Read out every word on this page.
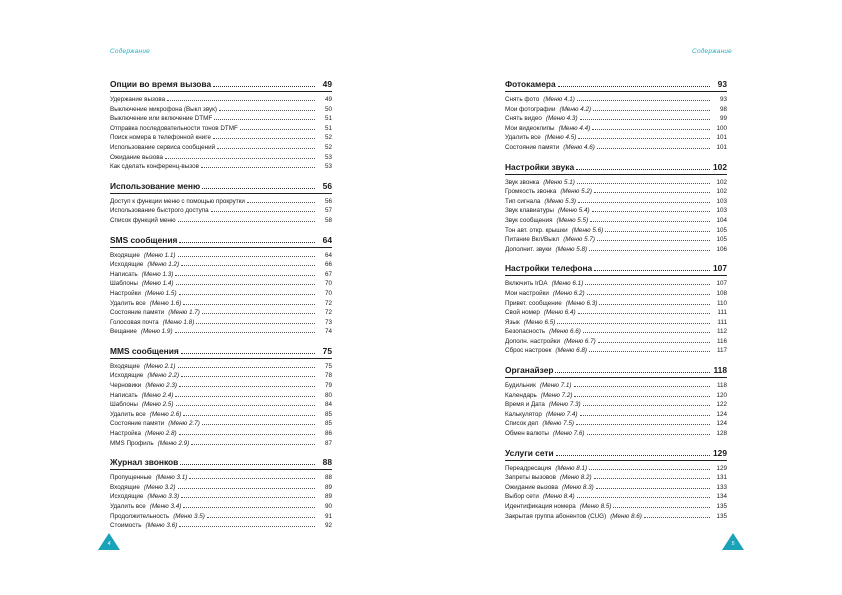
Содержание	Содержание
Опции во время вызова	49
Удержание вызова	49
Выключение микрофона (Выкл звук)	50
Выключение или включение DTMF	51
Отправка последовательности тонов DTMF	51
Поиск номера в телефонной книге	52
Использование сервиса сообщений	52
Ожидание вызова	53
Как сделать конференц-вызов	53
Использование меню	56
Доступ к функции меню с помощью прокрутки	56
Использование быстрого доступа	57
Список функций меню	58
SMS сообщения	64
Входящие (Меню 1.1)	64
Исходящие (Меню 1.2)	66
Написать (Меню 1.3)	67
Шаблоны (Меню 1.4)	70
Настройки (Меню 1.5)	70
Удалить все (Меню 1.6)	72
Состояние памяти (Меню 1.7)	72
Голосовая почта (Меню 1.8)	73
Вещание (Меню 1.9)	74
MMS сообщения	75
Входящие (Меню 2.1)	75
Исходящие (Меню 2.2)	78
Черновики (Меню 2.3)	79
Написать (Меню 2.4)	80
Шаблоны (Меню 2.5)	84
Удалить все (Меню 2.6)	85
Состояние памяти (Меню 2.7)	85
Настройка (Меню 2.8)	86
MMS Профиль (Меню 2.9)	87
Журнал звонков	88
Пропущенные (Меню 3.1)	88
Входящие (Меню 3.2)	89
Исходящие (Меню 3.3)	89
Удалить все (Меню 3.4)	90
Продолжительность (Меню 3.5)	91
Стоимость (Меню 3.6)	92
Фотокамера	93
Снять фото (Меню 4.1)	93
Мои фотографии (Меню 4.2)	98
Снять видео (Меню 4.3)	99
Мои видеоклипы (Меню 4.4)	100
Удалить все (Меню 4.5)	101
Состояние памяти (Меню 4.6)	101
Настройки звука	102
Звук звонка (Меню 5.1)	102
Громкость звонка (Меню 5.2)	102
Тип сигнала (Меню 5.3)	103
Звук клавиатуры (Меню 5.4)	103
Звук сообщения (Меню 5.5)	104
Тон авт. откр. крышки (Меню 5.6)	105
Питание Вкл/Выкл (Меню 5.7)	105
Дополнит. звуки (Меню 5.8)	106
Настройки телефона	107
Включить IrDA (Меню 6.1)	107
Мои настройки (Меню 6.2)	108
Привет. сообщение (Меню 6.3)	110
Свой номер (Меню 6.4)	111
Язык (Меню 6.5)	111
Безопасность (Меню 6.6)	112
Дополн. настройки (Меню 6.7)	116
Сброс настроек (Меню 6.8)	117
Органайзер	118
Будильник (Меню 7.1)	118
Календарь (Меню 7.2)	120
Время и Дата (Меню 7.3)	122
Калькулятор (Меню 7.4)	124
Список дел (Меню 7.5)	124
Обмен валюты (Меню 7.6)	128
Услуги сети	129
Переадресация (Меню 8.1)	129
Запреты вызовов (Меню 8.2)	131
Ожидание вызова (Меню 8.3)	133
Выбор сети (Меню 8.4)	134
Идентификация номера (Меню 8.5)	135
Закрытая группа абонентов (CUG) (Меню 8.6)	135
4	5
